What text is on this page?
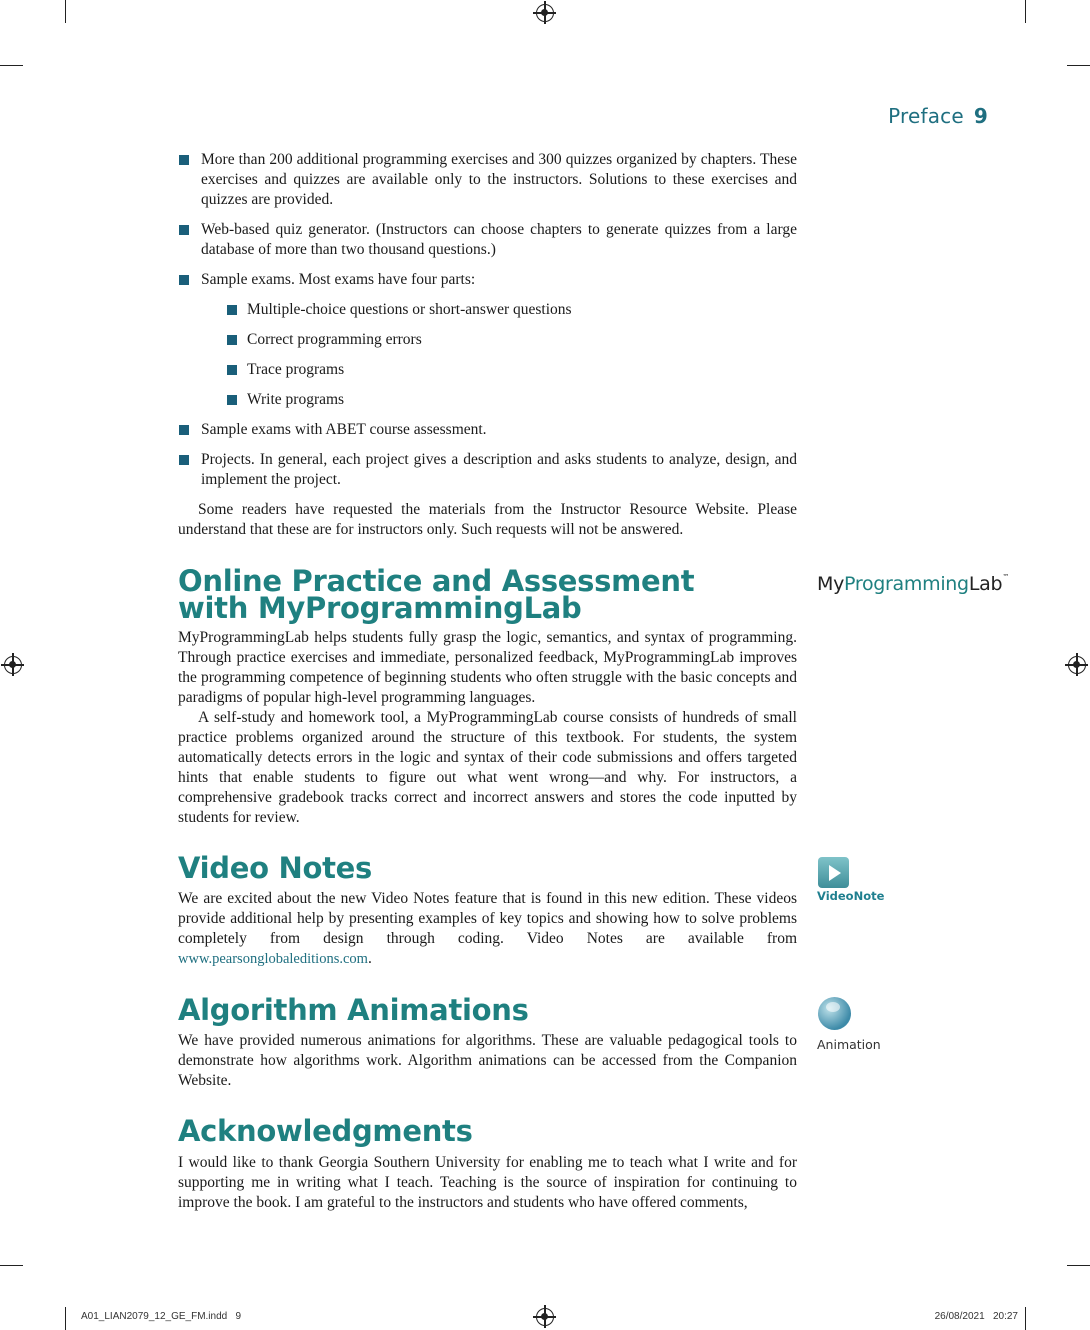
Preface 9
More than 200 additional programming exercises and 300 quizzes organized by chapters. These exercises and quizzes are available only to the instructors. Solutions to these exercises and quizzes are provided.
Web-based quiz generator. (Instructors can choose chapters to generate quizzes from a large database of more than two thousand questions.)
Sample exams. Most exams have four parts:
Multiple-choice questions or short-answer questions
Correct programming errors
Trace programs
Write programs
Sample exams with ABET course assessment.
Projects. In general, each project gives a description and asks students to analyze, design, and implement the project.

Some readers have requested the materials from the Instructor Resource Website. Please understand that these are for instructors only. Such requests will not be answered.

Online Practice and Assessment
with MyProgrammingLab

MyProgrammingLab helps students fully grasp the logic, semantics, and syntax of programming. Through practice exercises and immediate, personalized feedback, MyProgrammingLab improves the programming competence of beginning students who often struggle with the basic concepts and paradigms of popular high-level programming languages.

A self-study and homework tool, a MyProgrammingLab course consists of hundreds of small practice problems organized around the structure of this textbook. For students, the system automatically detects errors in the logic and syntax of their code submissions and offers targeted hints that enable students to figure out what went wrong—and why. For instructors, a comprehensive gradebook tracks correct and incorrect answers and stores the code inputted by students for review.

MyProgrammingLab™
Video Notes

We are excited about the new Video Notes feature that is found in this new edition. These videos provide additional help by presenting examples of key topics and showing how to solve problems completely from design through coding. Video Notes are available from www.pearsonglobaleditions.com.

VideoNote
Algorithm Animations

We have provided numerous animations for algorithms. These are valuable pedagogical tools to demonstrate how algorithms work. Algorithm animations can be accessed from the Companion Website.

Animation
Acknowledgments

I would like to thank Georgia Southern University for enabling me to teach what I write and for supporting me in writing what I teach. Teaching is the source of inspiration for continuing to improve the book. I am grateful to the instructors and students who have offered comments,

A01_LIAN2079_12_GE_FM.indd   9	26/08/2021   20:27
